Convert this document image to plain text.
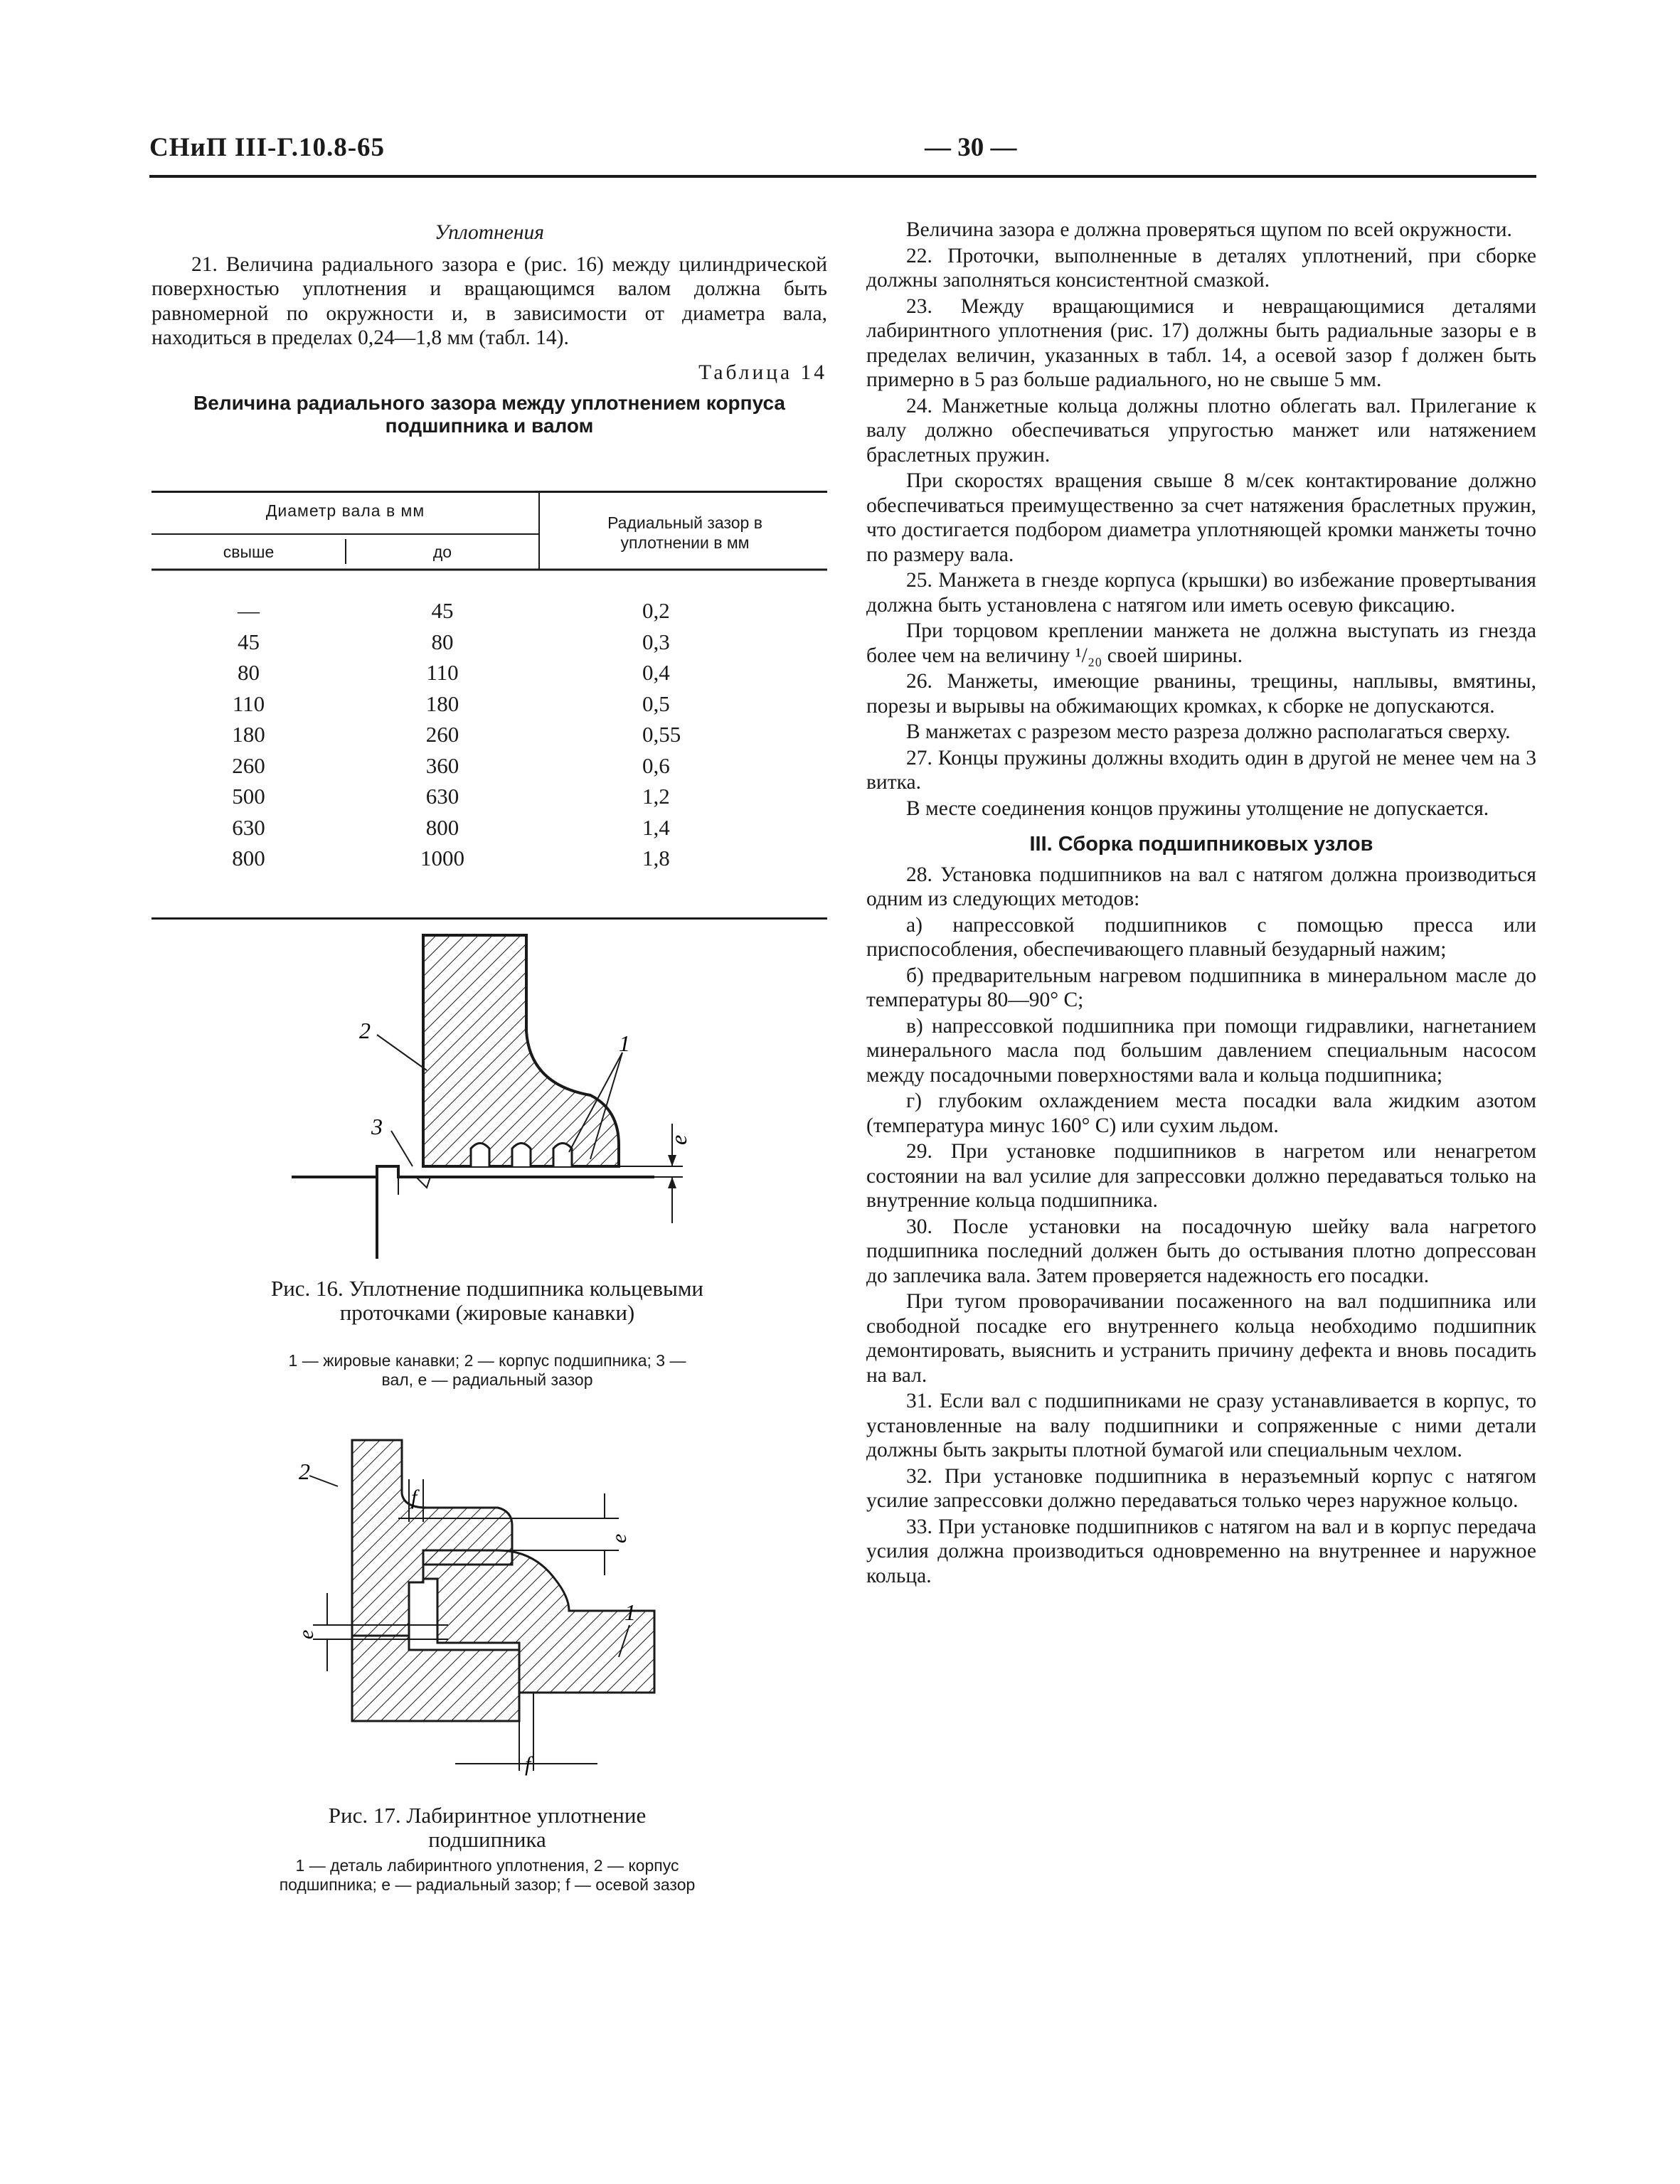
СНиП III-Г.10.8-65	— 30 —
Уплотнения

21. Величина радиального зазора e (рис. 16) между цилиндрической поверхностью уплотнения и вращающимся валом должна быть равномерной по окружности и, в зависимости от диаметра вала, находиться в пределах 0,24—1,8 мм (табл. 14).

Таблица 14
Величина радиального зазора между уплотнением корпуса подшипника и валом
Диаметр вала в мм
свыше	до
Радиальный зазор в уплотнении в мм
—	45	0,2
45	80	0,3
80	110	0,4
110	180	0,5
180	260	0,55
260	360	0,6
500	630	1,2
630	800	1,4
800	1000	1,8
2
3
1
e
Рис. 16. Уплотнение подшипника кольцевыми проточками (жировые канавки)
1 — жировые канавки; 2 — корпус подшипника; 3 — вал, e — радиальный зазор
2
1
e
e
f
f
Рис. 17. Лабиринтное уплотнение подшипника
1 — деталь лабиринтного уплотнения, 2 — корпус подшипника; e — радиальный зазор; f — осевой зазор

Величина зазора e должна проверяться щупом по всей окружности.

22. Проточки, выполненные в деталях уплотнений, при сборке должны заполняться консистентной смазкой.

23. Между вращающимися и невращающимися деталями лабиринтного уплотнения (рис. 17) должны быть радиальные зазоры e в пределах величин, указанных в табл. 14, а осевой зазор f должен быть примерно в 5 раз больше радиального, но не свыше 5 мм.

24. Манжетные кольца должны плотно облегать вал. Прилегание к валу должно обеспечиваться упругостью манжет или натяжением браслетных пружин.

При скоростях вращения свыше 8 м/сек контактирование должно обеспечиваться преимущественно за счет натяжения браслетных пружин, что достигается подбором диаметра уплотняющей кромки манжеты точно по размеру вала.

25. Манжета в гнезде корпуса (крышки) во избежание провертывания должна быть установлена с натягом или иметь осевую фиксацию.

При торцовом креплении манжета не должна выступать из гнезда более чем на величину ¹/₂₀ своей ширины.

26. Манжеты, имеющие рванины, трещины, наплывы, вмятины, порезы и вырывы на обжимающих кромках, к сборке не допускаются.

В манжетах с разрезом место разреза должно располагаться сверху.

27. Концы пружины должны входить один в другой не менее чем на 3 витка.

В месте соединения концов пружины утолщение не допускается.

III. Сборка подшипниковых узлов

28. Установка подшипников на вал с натягом должна производиться одним из следующих методов:

а) напрессовкой подшипников с помощью пресса или приспособления, обеспечивающего плавный безударный нажим;

б) предварительным нагревом подшипника в минеральном масле до температуры 80—90° С;

в) напрессовкой подшипника при помощи гидравлики, нагнетанием минерального масла под большим давлением специальным насосом между посадочными поверхностями вала и кольца подшипника;

г) глубоким охлаждением места посадки вала жидким азотом (температура минус 160° С) или сухим льдом.

29. При установке подшипников в нагретом или ненагретом состоянии на вал усилие для запрессовки должно передаваться только на внутренние кольца подшипника.

30. После установки на посадочную шейку вала нагретого подшипника последний должен быть до остывания плотно допрессован до заплечика вала. Затем проверяется надежность его посадки.

При тугом проворачивании посаженного на вал подшипника или свободной посадке его внутреннего кольца необходимо подшипник демонтировать, выяснить и устранить причину дефекта и вновь посадить на вал.

31. Если вал с подшипниками не сразу устанавливается в корпус, то установленные на валу подшипники и сопряженные с ними детали должны быть закрыты плотной бумагой или специальным чехлом.

32. При установке подшипника в неразъемный корпус с натягом усилие запрессовки должно передаваться только через наружное кольцо.

33. При установке подшипников с натягом на вал и в корпус передача усилия должна производиться одновременно на внутреннее и наружное кольца.
